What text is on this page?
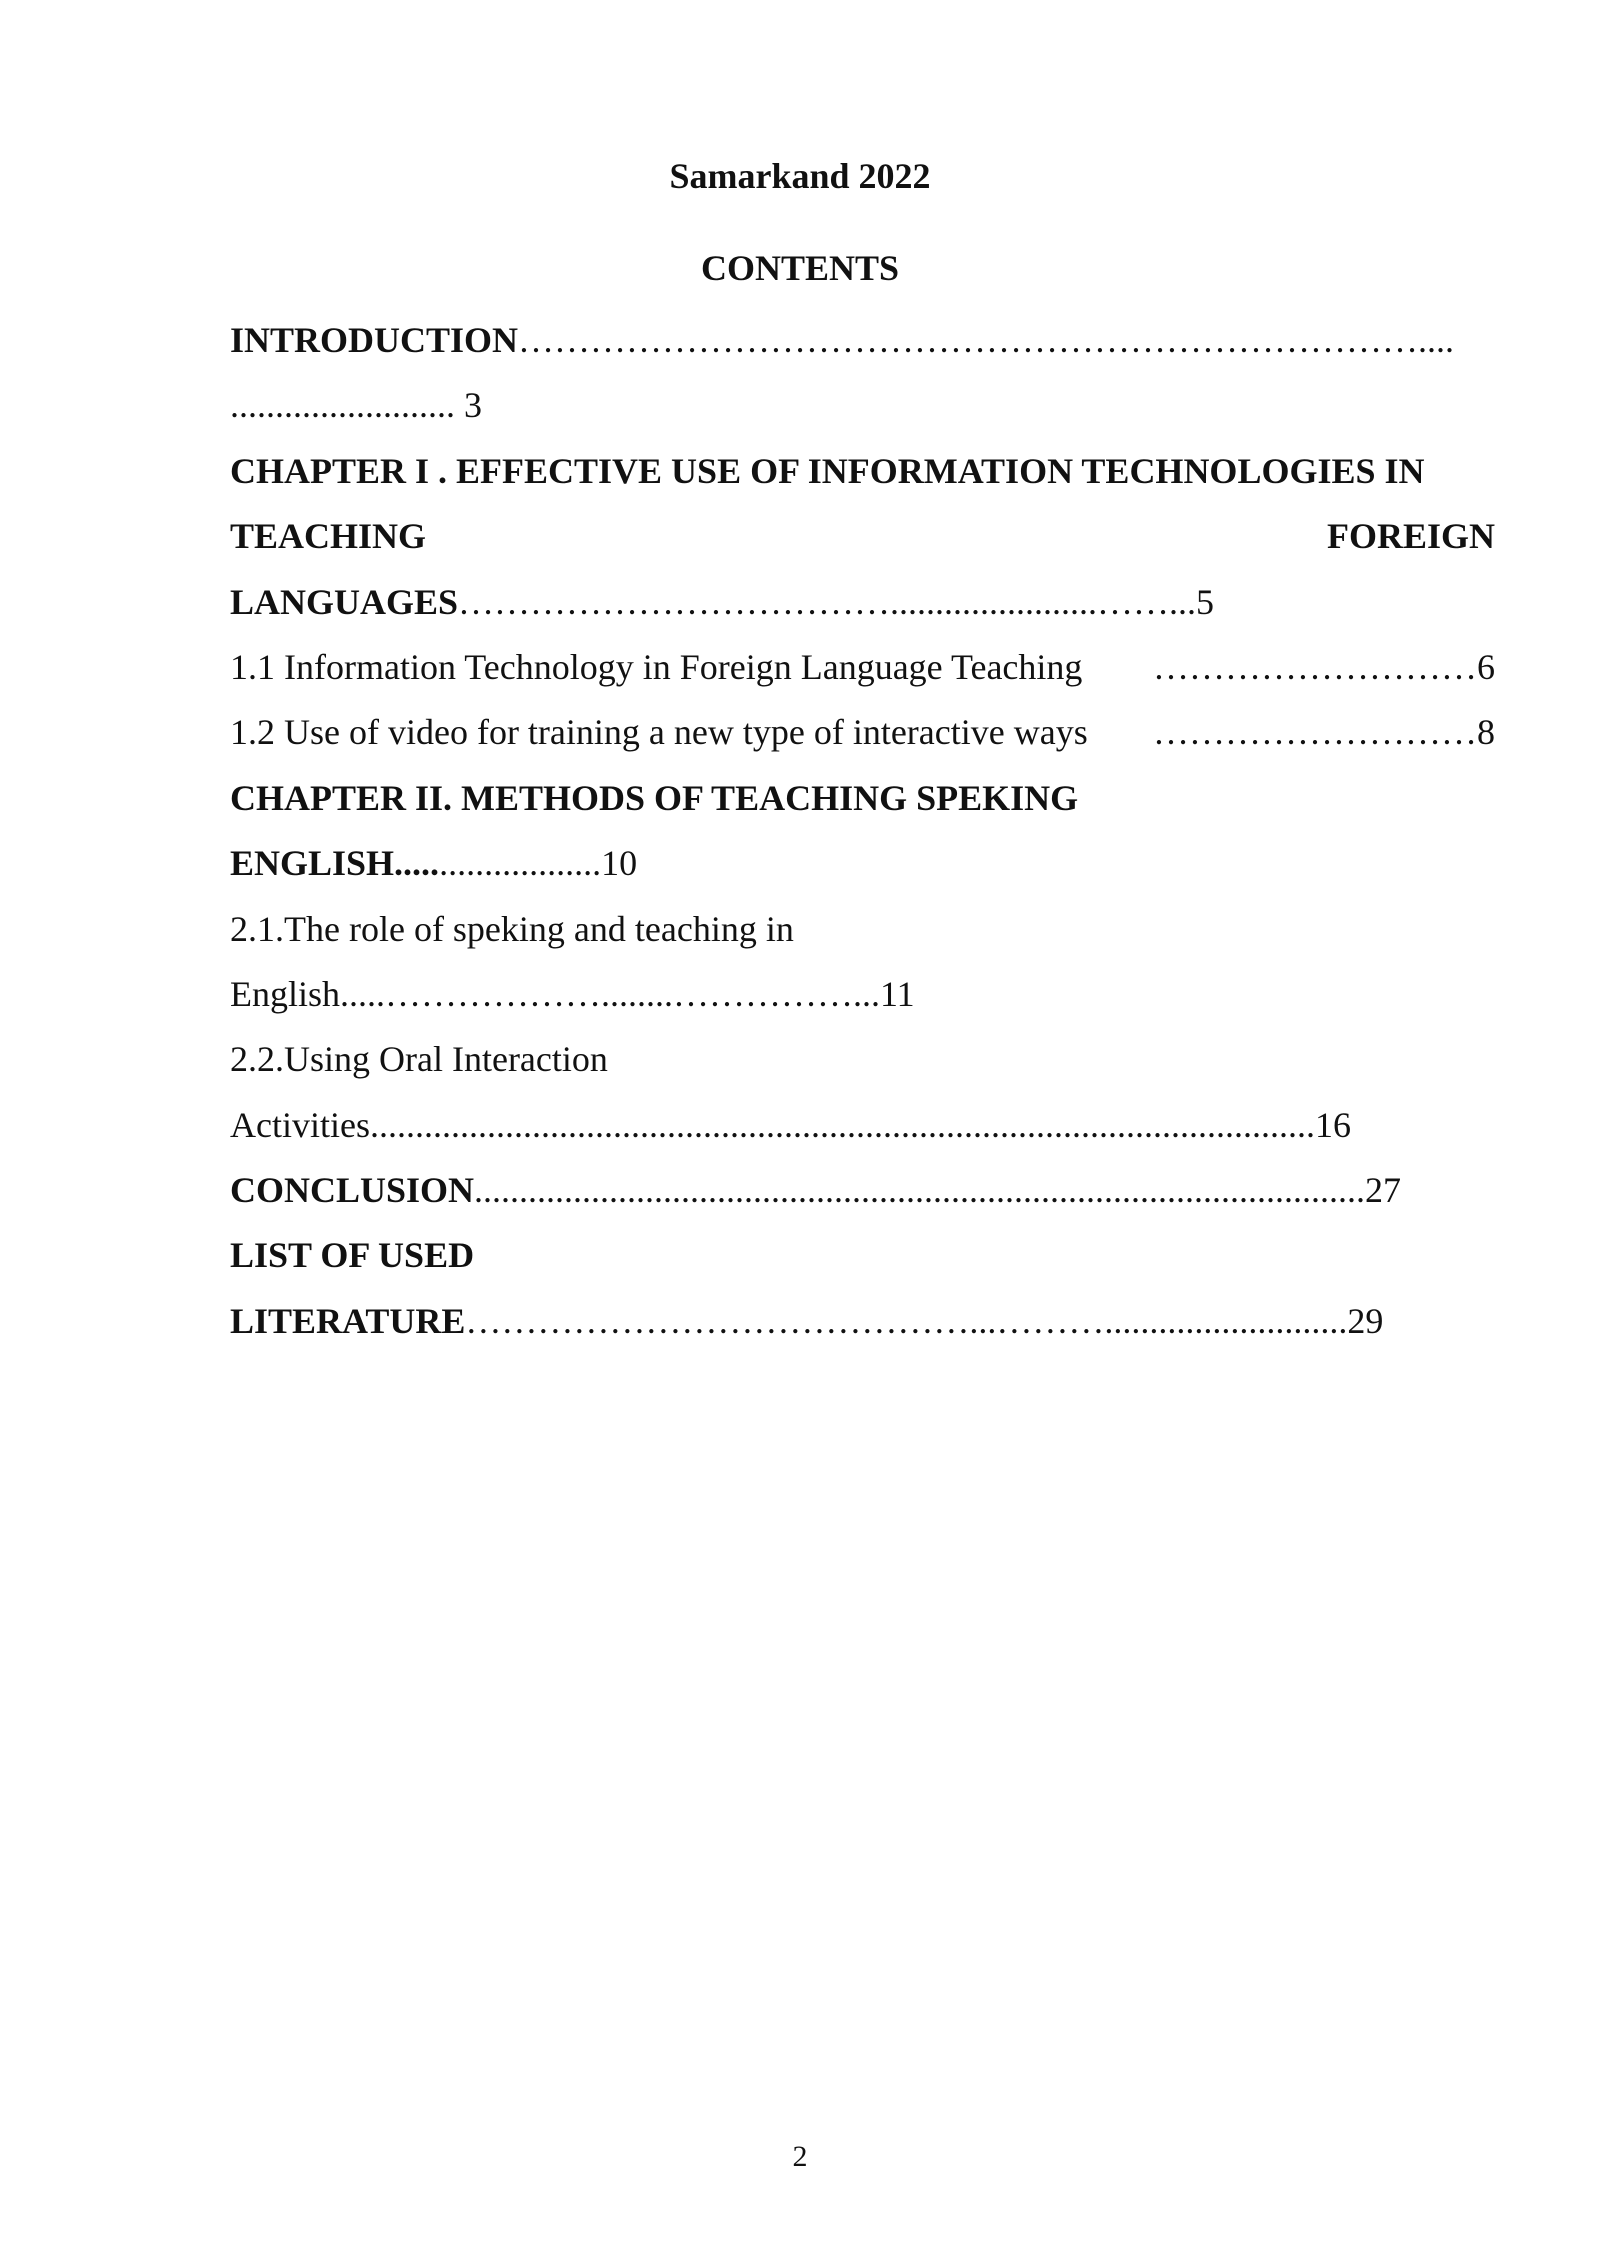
Samarkand 2022
CONTENTS
INTRODUCTION…………………………………………………………………....
......................... 3
CHAPTER I . EFFECTIVE USE OF INFORMATION TECHNOLOGIES IN
TEACHING	FOREIGN
LANGUAGES……………………………….......................……...5
1.1 Information Technology in Foreign Language Teaching ………………………6
1.2 Use of video for training a new type of interactive ways ………………………8
CHAPTER II. METHODS OF TEACHING SPEKING
ENGLISH.......................10
2.1.The role of speking and teaching in
English.....………………........……………...11
2.2.Using Oral Interaction
Activities.........................................................................................................16
CONCLUSION...................................................................................................27
LIST OF USED
LITERATURE……………………………………...………...........................29
2
